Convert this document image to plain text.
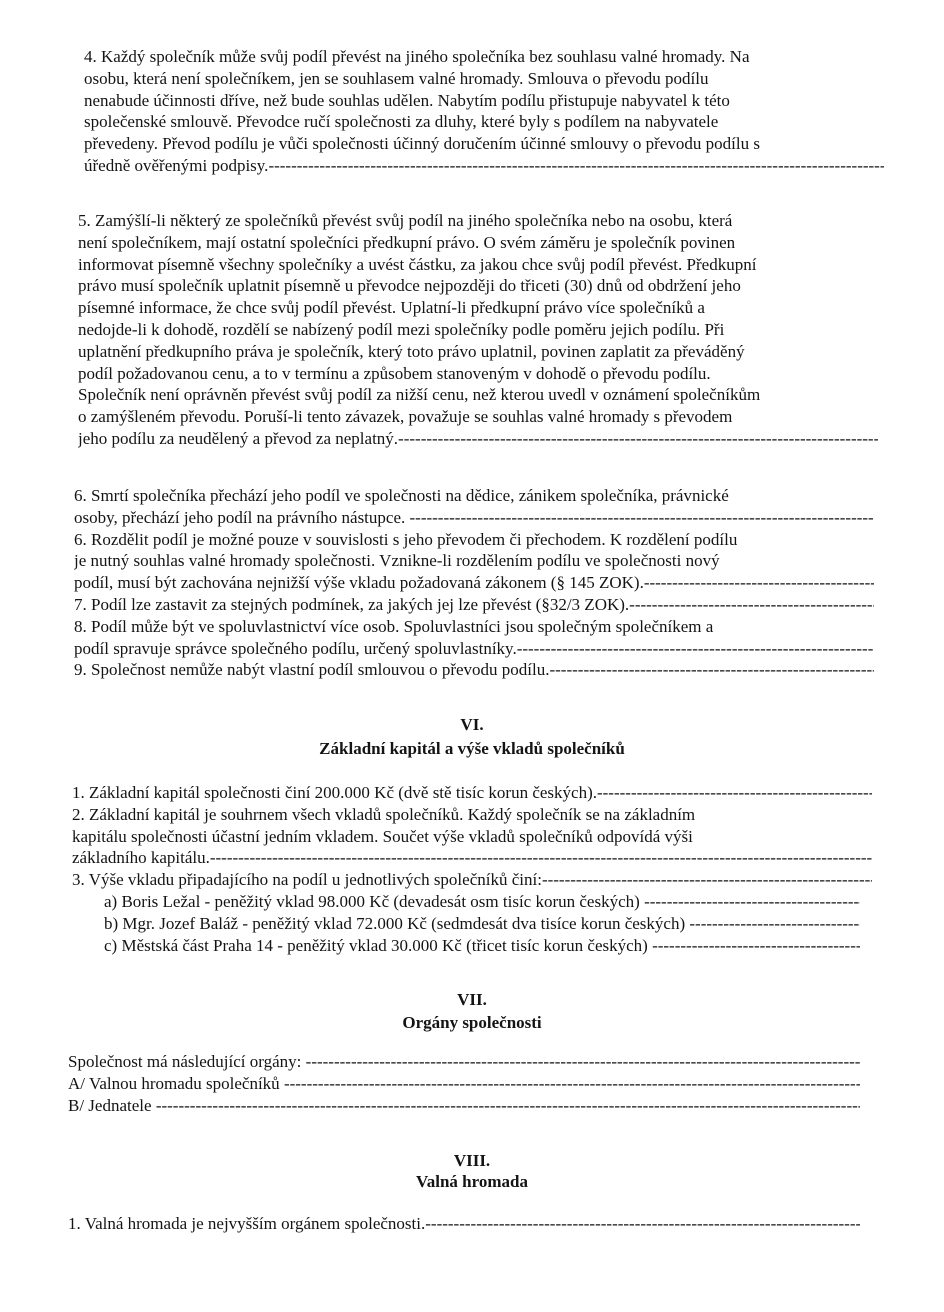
4. Každý společník může svůj podíl převést na jiného společníka bez souhlasu valné hromady. Na
osobu, která není společníkem, jen se souhlasem valné hromady. Smlouva o převodu podílu
nenabude účinnosti dříve, než bude souhlas udělen. Nabytím podílu přistupuje nabyvatel k této
společenské smlouvě. Převodce ručí společnosti za dluhy, které byly s podílem na nabyvatele
převedeny. Převod podílu je vůči společnosti účinný doručením účinné smlouvy o převodu podílu s
úředně ověřenými podpisy. -----
5. Zamýšlí-li některý ze společníků převést svůj podíl na jiného společníka nebo na osobu, která
není společníkem, mají ostatní společníci předkupní právo. O svém záměru je společník povinen
informovat písemně všechny společníky a uvést částku, za jakou chce svůj podíl převést. Předkupní
právo musí společník uplatnit písemně u převodce nejpozději do třiceti (30) dnů od obdržení jeho
písemné informace, že chce svůj podíl převést. Uplatní-li předkupní právo více společníků a
nedojde-li k dohodě, rozdělí se nabízený podíl mezi společníky podle poměru jejich podílu. Při
uplatnění předkupního práva je společník, který toto právo uplatnil, povinen zaplatit za převáděný
podíl požadovanou cenu, a to v termínu a způsobem stanoveným v dohodě o převodu podílu.
Společník není oprávněn převést svůj podíl za nižší cenu, než kterou uvedl v oznámení společníkům
o zamýšleném převodu. Poruší-li tento závazek, považuje se souhlas valné hromady s převodem
jeho podílu za neudělený a převod za neplatný. -----
6. Smrtí společníka přechází jeho podíl ve společnosti na dědice, zánikem společníka, právnické
osoby, přechází jeho podíl na právního nástupce. -----
6. Rozdělit podíl je možné pouze v souvislosti s jeho převodem či přechodem. K rozdělení podílu
je nutný souhlas valné hromady společnosti. Vznikne-li rozdělením podílu ve společnosti nový
podíl, musí být zachována nejnižší výše vkladu požadovaná zákonem (§ 145 ZOK). -----
7. Podíl lze zastavit za stejných podmínek, za jakých jej lze převést (§32/3 ZOK). -----
8. Podíl může být ve spoluvlastnictví více osob. Spoluvlastníci jsou společným společníkem a
podíl spravuje správce společného podílu, určený spoluvlastníky. -----
9. Společnost nemůže nabýt vlastní podíl smlouvou o převodu podílu. -----
VI.
Základní kapitál a výše vkladů společníků
1. Základní kapitál společnosti činí 200.000 Kč (dvě stě tisíc korun českých). -----
2. Základní kapitál je souhrnem všech vkladů společníků. Každý společník se na základním
kapitálu společnosti účastní jedním vkladem. Součet výše vkladů společníků odpovídá výši
základního kapitálu. -----
3. Výše vkladu připadajícího na podíl u jednotlivých společníků činí: -----
a) Boris Ležal - peněžitý vklad 98.000 Kč (devadesát osm tisíc korun českých) -----
b) Mgr. Jozef Baláž - peněžitý vklad 72.000 Kč (sedmdesát dva tisíce korun českých) -----
c) Městská část Praha 14 - peněžitý vklad 30.000 Kč (třicet tisíc korun českých) -----
VII.
Orgány společnosti
Společnost má následující orgány: -----
A/ Valnou hromadu společníků -----
B/ Jednatele -----
VIII.
Valná hromada
1. Valná hromada je nejvyšším orgánem společnosti. -----
